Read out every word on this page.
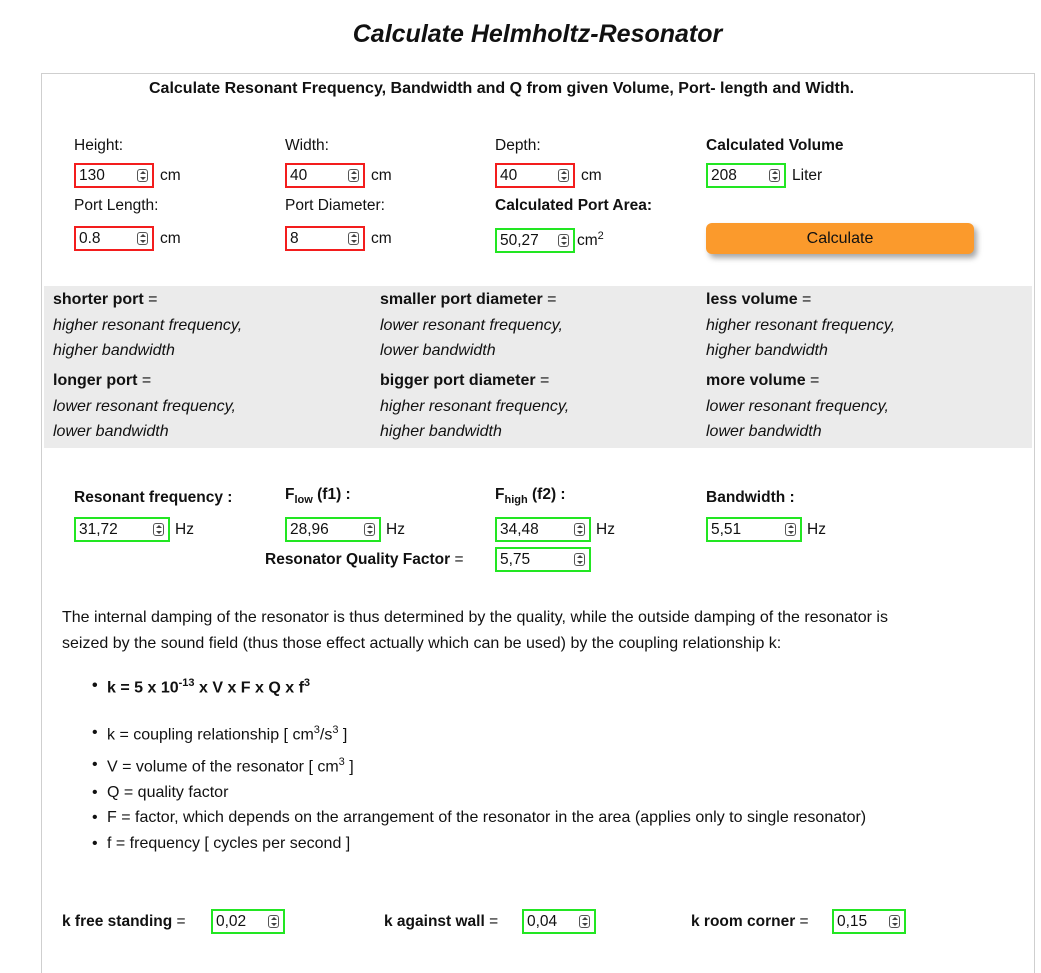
Calculate Helmholtz-Resonator
Calculate Resonant Frequency, Bandwidth and Q from given Volume, Port- length and Width.
Height:	Width:	Depth:	Calculated Volume
130	cm	40	cm	40	cm	208	Liter
Port Length:	Port Diameter:	Calculated Port Area:
0.8	cm	8	cm	50,27 $cm^2$	Calculate
shorter port =
higher resonant frequency,
higher bandwidth
longer port =
lower resonant frequency,
lower bandwidth
smaller port diameter =
lower resonant frequency,
lower bandwidth
bigger port diameter =
higher resonant frequency,
higher bandwidth
less volume =
higher resonant frequency,
higher bandwidth
more volume =
lower resonant frequency,
lower bandwidth
Resonant frequency :	$F_{low}$ (f1) :	$F_{high}$ (f2) :	Bandwidth :
31,72	Hz	28,96	Hz	34,48	Hz	5,51	Hz
Resonator Quality Factor = 5,75
The internal damping of the resonator is thus determined by the quality, while the outside damping of the resonator is
seized by the sound field (thus those effect actually which can be used) by the coupling relationship k:
• k = 5 x $10^{-13}$ x V x F x Q x $f^3$
• k = coupling relationship [ $cm^3/s^3$ ]
• V = volume of the resonator [ $cm^3$ ]
• Q = quality factor
• F = factor, which depends on the arrangement of the resonator in the area (applies only to single resonator)
• f = frequency [ cycles per second ]
k free standing = 0,02	k against wall = 0,04	k room corner = 0,15
